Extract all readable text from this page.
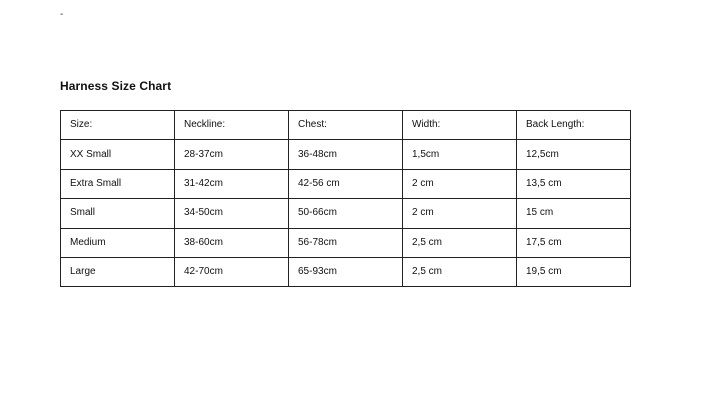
-
Harness Size Chart
Size:	Neckline:	Chest:	Width:	Back Length:
XX Small	28-37cm	36-48cm	1,5cm	12,5cm
Extra Small	31-42cm	42-56 cm	2 cm	13,5 cm
Small	34-50cm	50-66cm	2 cm	15 cm
Medium	38-60cm	56-78cm	2,5 cm	17,5 cm
Large	42-70cm	65-93cm	2,5 cm	19,5 cm
